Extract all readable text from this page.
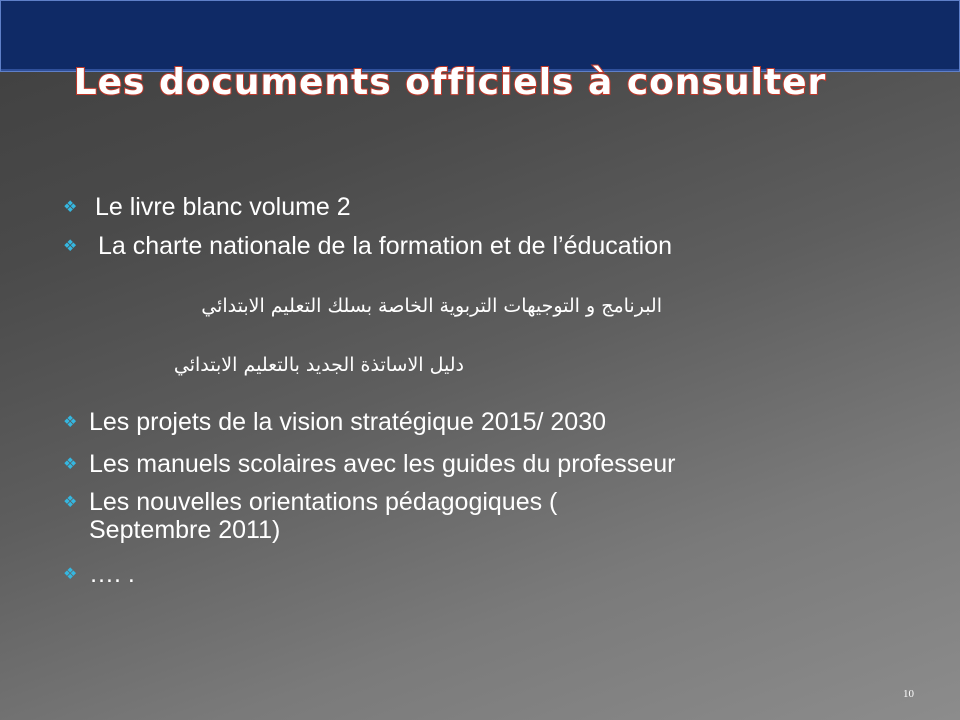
Les documents officiels à consulter
❖ Le livre blanc volume 2
❖ La charte nationale de la formation et de l’éducation
البرنامج و التوجيهات التربوية الخاصة بسلك التعليم الابتدائي
دليل الاساتذة الجديد بالتعليم الابتدائي
❖ Les projets de la vision stratégique 2015/ 2030
❖ Les manuels scolaires avec les guides du professeur
❖ Les nouvelles orientations pédagogiques (
Septembre 2011)
❖ …. .
10
